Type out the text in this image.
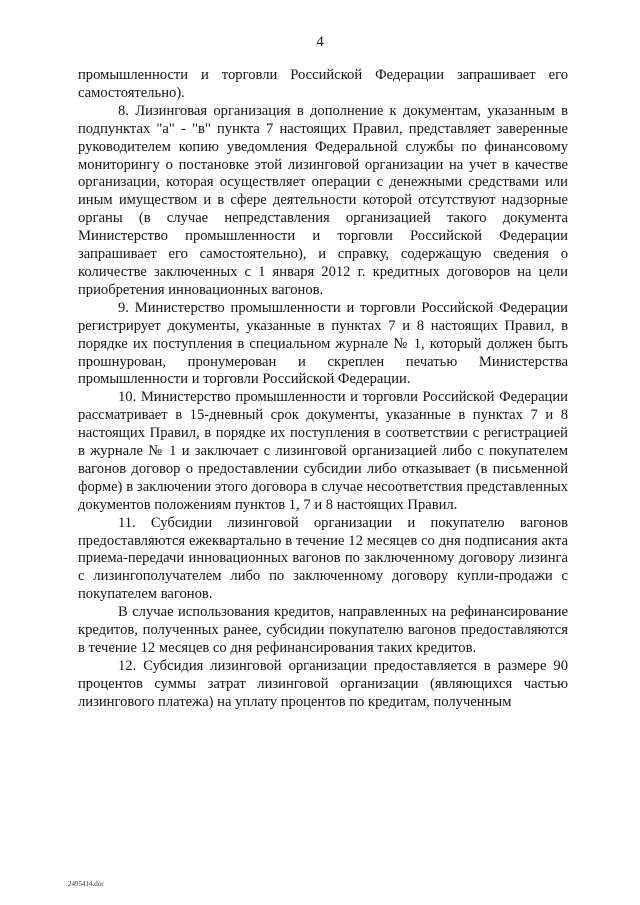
4

промышленности и торговли Российской Федерации запрашивает его самостоятельно).

8. Лизинговая организация в дополнение к документам, указанным в подпунктах "а" - "в" пункта 7 настоящих Правил, представляет заверенные руководителем копию уведомления Федеральной службы по финансовому мониторингу о постановке этой лизинговой организации на учет в качестве организации, которая осуществляет операции с денежными средствами или иным имуществом и в сфере деятельности которой отсутствуют надзорные органы (в случае непредставления организацией такого документа Министерство промышленности и торговли Российской Федерации запрашивает его самостоятельно), и справку, содержащую сведения о количестве заключенных с 1 января 2012 г. кредитных договоров на цели приобретения инновационных вагонов.

9. Министерство промышленности и торговли Российской Федерации регистрирует документы, указанные в пунктах 7 и 8 настоящих Правил, в порядке их поступления в специальном журнале № 1, который должен быть прошнурован, пронумерован и скреплен печатью Министерства промышленности и торговли Российской Федерации.

10. Министерство промышленности и торговли Российской Федерации рассматривает в 15-дневный срок документы, указанные в пунктах 7 и 8 настоящих Правил, в порядке их поступления в соответствии с регистрацией в журнале № 1 и заключает с лизинговой организацией либо с покупателем вагонов договор о предоставлении субсидии либо отказывает (в письменной форме) в заключении этого договора в случае несоответствия представленных документов положениям пунктов 1, 7 и 8 настоящих Правил.

11. Субсидии лизинговой организации и покупателю вагонов предоставляются ежеквартально в течение 12 месяцев со дня подписания акта приема-передачи инновационных вагонов по заключенному договору лизинга с лизингополучателем либо по заключенному договору купли-продажи с покупателем вагонов.

В случае использования кредитов, направленных на рефинансирование кредитов, полученных ранее, субсидии покупателю вагонов предоставляются в течение 12 месяцев со дня рефинансирования таких кредитов.

12. Субсидия лизинговой организации предоставляется в размере 90 процентов суммы затрат лизинговой организации (являющихся частью лизингового платежа) на уплату процентов по кредитам, полученным

2495414.doc
